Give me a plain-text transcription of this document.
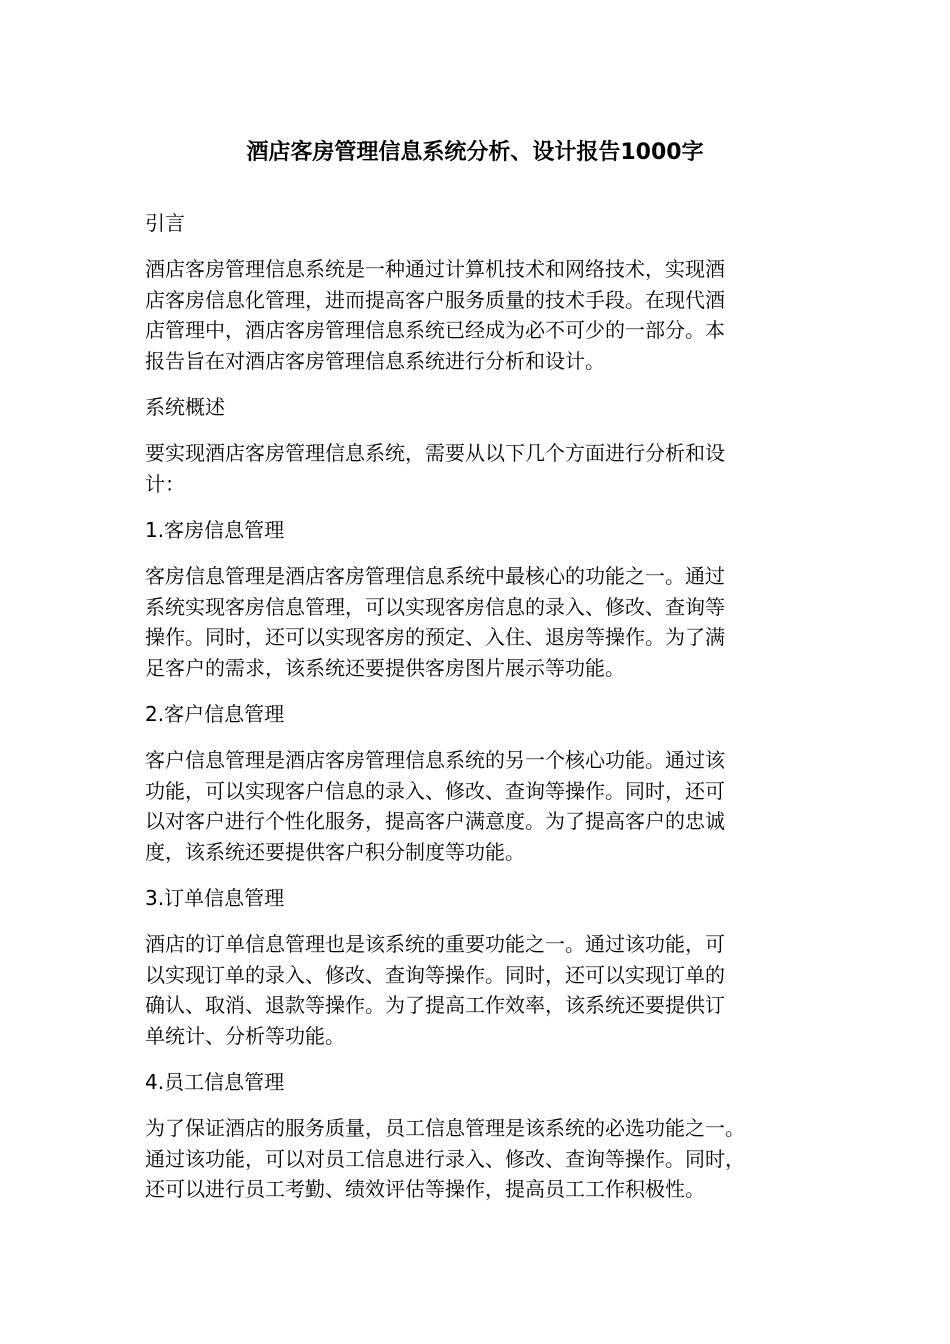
酒店客房管理信息系统分析、设计报告1000字

引言

酒店客房管理信息系统是一种通过计算机技术和网络技术，实现酒
店客房信息化管理，进而提高客户服务质量的技术手段。在现代酒
店管理中，酒店客房管理信息系统已经成为必不可少的一部分。本
报告旨在对酒店客房管理信息系统进行分析和设计。

系统概述

要实现酒店客房管理信息系统，需要从以下几个方面进行分析和设
计：

1.客房信息管理

客房信息管理是酒店客房管理信息系统中最核心的功能之一。通过
系统实现客房信息管理，可以实现客房信息的录入、修改、查询等
操作。同时，还可以实现客房的预定、入住、退房等操作。为了满
足客户的需求，该系统还要提供客房图片展示等功能。

2.客户信息管理

客户信息管理是酒店客房管理信息系统的另一个核心功能。通过该
功能，可以实现客户信息的录入、修改、查询等操作。同时，还可
以对客户进行个性化服务，提高客户满意度。为了提高客户的忠诚
度，该系统还要提供客户积分制度等功能。

3.订单信息管理

酒店的订单信息管理也是该系统的重要功能之一。通过该功能，可
以实现订单的录入、修改、查询等操作。同时，还可以实现订单的
确认、取消、退款等操作。为了提高工作效率，该系统还要提供订
单统计、分析等功能。

4.员工信息管理

为了保证酒店的服务质量，员工信息管理是该系统的必选功能之一。
通过该功能，可以对员工信息进行录入、修改、查询等操作。同时，
还可以进行员工考勤、绩效评估等操作，提高员工工作积极性。
